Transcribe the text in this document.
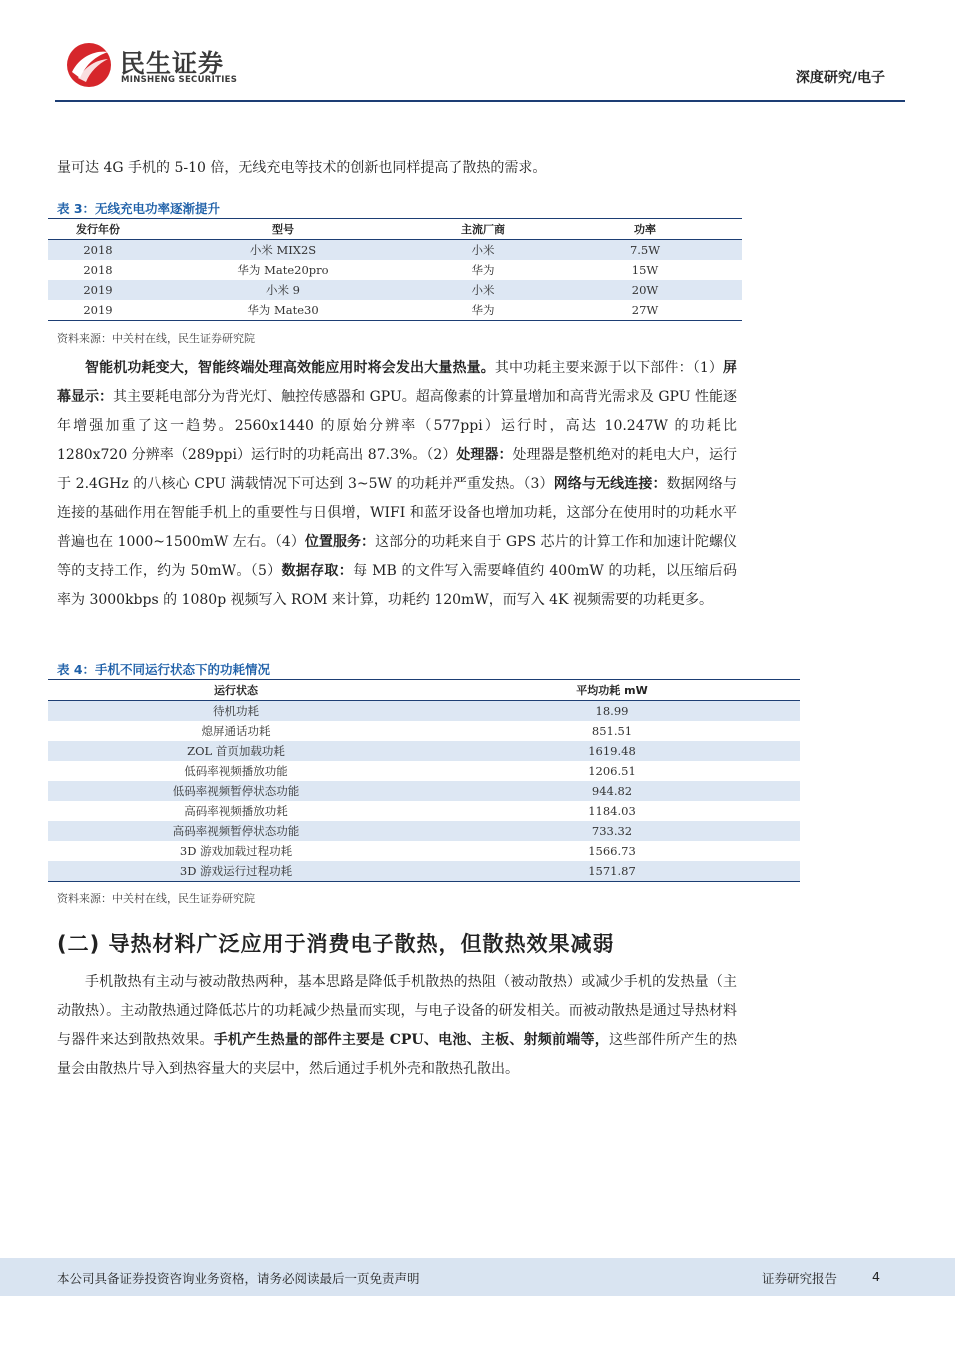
民生证券
MINSHENG SECURITIES	深度研究/电子

量可达 4G 手机的 5-10 倍，无线充电等技术的创新也同样提高了散热的需求。

表 3：无线充电功率逐渐提升
发行年份	型号	主流厂商	功率
2018	小米 MIX2S	小米	7.5W
2018	华为 Mate20pro	华为	15W
2019	小米 9	小米	20W
2019	华为 Mate30	华为	27W
资料来源：中关村在线，民生证券研究院

智能机功耗变大，智能终端处理高效能应用时将会发出大量热量。其中功耗主要来源于以下部件：（1）屏幕显示：其主要耗电部分为背光灯、触控传感器和 GPU。超高像素的计算量增加和高背光需求及 GPU 性能逐年增强加重了这一趋势。2560x1440 的原始分辨率（577ppi）运行时，高达 10.247W 的功耗比 1280x720 分辨率（289ppi）运行时的功耗高出 87.3%。（2）处理器：处理器是整机绝对的耗电大户，运行于 2.4GHz 的八核心 CPU 满载情况下可达到 3~5W 的功耗并严重发热。（3）网络与无线连接：数据网络与连接的基础作用在智能手机上的重要性与日俱增，WIFI 和蓝牙设备也增加功耗，这部分在使用时的功耗水平普遍也在 1000~1500mW 左右。（4）位置服务：这部分的功耗来自于 GPS 芯片的计算工作和加速计陀螺仪等的支持工作，约为 50mW。（5）数据存取：每 MB 的文件写入需要峰值约 400mW 的功耗，以压缩后码率为 3000kbps 的 1080p 视频写入 ROM 来计算，功耗约 120mW，而写入 4K 视频需要的功耗更多。

表 4：手机不同运行状态下的功耗情况
运行状态	平均功耗 mW
待机功耗	18.99
熄屏通话功耗	851.51
ZOL 首页加载功耗	1619.48
低码率视频播放功能	1206.51
低码率视频暂停状态功能	944.82
高码率视频播放功耗	1184.03
高码率视频暂停状态功能	733.32
3D 游戏加载过程功耗	1566.73
3D 游戏运行过程功耗	1571.87
资料来源：中关村在线，民生证券研究院
(二) 导热材料广泛应用于消费电子散热，但散热效果减弱

手机散热有主动与被动散热两种，基本思路是降低手机散热的热阻（被动散热）或减少手机的发热量（主动散热）。主动散热通过降低芯片的功耗减少热量而实现，与电子设备的研发相关。而被动散热是通过导热材料与器件来达到散热效果。手机产生热量的部件主要是 CPU、电池、主板、射频前端等，这些部件所产生的热量会由散热片导入到热容量大的夹层中，然后通过手机外壳和散热孔散出。

本公司具备证券投资咨询业务资格，请务必阅读最后一页免责声明	证券研究报告	4
